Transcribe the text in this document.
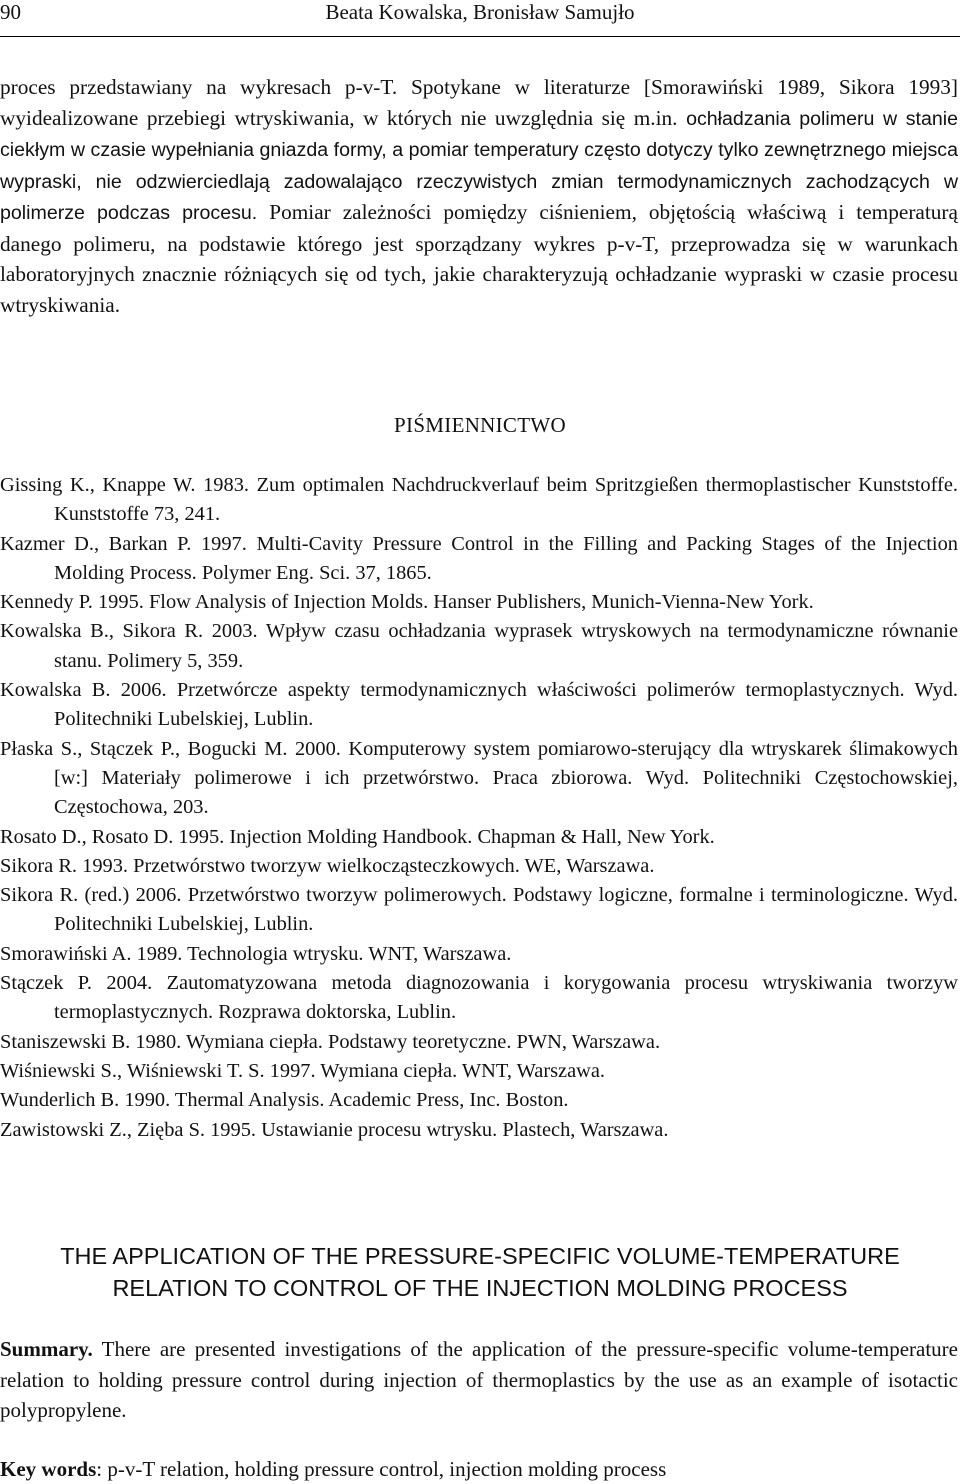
90	Beata Kowalska, Bronisław Samujło

proces przedstawiany na wykresach p-v-T. Spotykane w literaturze [Smorawiński 1989, Sikora 1993] wyidealizowane przebiegi wtryskiwania, w których nie uwzględnia się m.in. ochładzania polimeru w stanie ciekłym w czasie wypełniania gniazda formy, a pomiar temperatury często dotyczy tylko zewnętrznego miejsca wypraski, nie odzwierciedlają zadowalająco rzeczywistych zmian termodynamicznych zachodzących w polimerze podczas procesu. Pomiar zależności pomiędzy ciśnieniem, objętością właściwą i temperaturą danego polimeru, na podstawie którego jest sporządzany wykres p-v-T, przeprowadza się w warunkach laboratoryjnych znacznie różniących się od tych, jakie charakteryzują ochładzanie wypraski w czasie procesu wtryskiwania.

PIŚMIENNICTWO
Gissing K., Knappe W. 1983. Zum optimalen Nachdruckverlauf beim Spritzgießen thermoplastischer Kunststoffe. Kunststoffe 73, 241.
Kazmer D., Barkan P. 1997. Multi-Cavity Pressure Control in the Filling and Packing Stages of the Injection Molding Process. Polymer Eng. Sci. 37, 1865.
Kennedy P. 1995. Flow Analysis of Injection Molds. Hanser Publishers, Munich-Vienna-New York.
Kowalska B., Sikora R. 2003. Wpływ czasu ochładzania wyprasek wtryskowych na termodynamiczne równanie stanu. Polimery 5, 359.
Kowalska B. 2006. Przetwórcze aspekty termodynamicznych właściwości polimerów termoplastycznych. Wyd. Politechniki Lubelskiej, Lublin.
Płaska S., Stączek P., Bogucki M. 2000. Komputerowy system pomiarowo-sterujący dla wtryskarek ślimakowych [w:] Materiały polimerowe i ich przetwórstwo. Praca zbiorowa. Wyd. Politechniki Częstochowskiej, Częstochowa, 203.
Rosato D., Rosato D. 1995. Injection Molding Handbook. Chapman & Hall, New York.
Sikora R. 1993. Przetwórstwo tworzyw wielkocząsteczkowych. WE, Warszawa.
Sikora R. (red.) 2006. Przetwórstwo tworzyw polimerowych. Podstawy logiczne, formalne i terminologiczne. Wyd. Politechniki Lubelskiej, Lublin.
Smorawiński A. 1989. Technologia wtrysku. WNT, Warszawa.
Stączek P. 2004. Zautomatyzowana metoda diagnozowania i korygowania procesu wtryskiwania tworzyw termoplastycznych. Rozprawa doktorska, Lublin.
Staniszewski B. 1980. Wymiana ciepła. Podstawy teoretyczne. PWN, Warszawa.
Wiśniewski S., Wiśniewski T. S. 1997. Wymiana ciepła. WNT, Warszawa.
Wunderlich B. 1990. Thermal Analysis. Academic Press, Inc. Boston.
Zawistowski Z., Zięba S. 1995. Ustawianie procesu wtrysku. Plastech, Warszawa.
THE APPLICATION OF THE PRESSURE-SPECIFIC VOLUME-TEMPERATURE
RELATION TO CONTROL OF THE INJECTION MOLDING PROCESS

Summary. There are presented investigations of the application of the pressure-specific volume-temperature relation to holding pressure control during injection of thermoplastics by the use as an example of isotactic polypropylene.

Key words: p-v-T relation, holding pressure control, injection molding process
